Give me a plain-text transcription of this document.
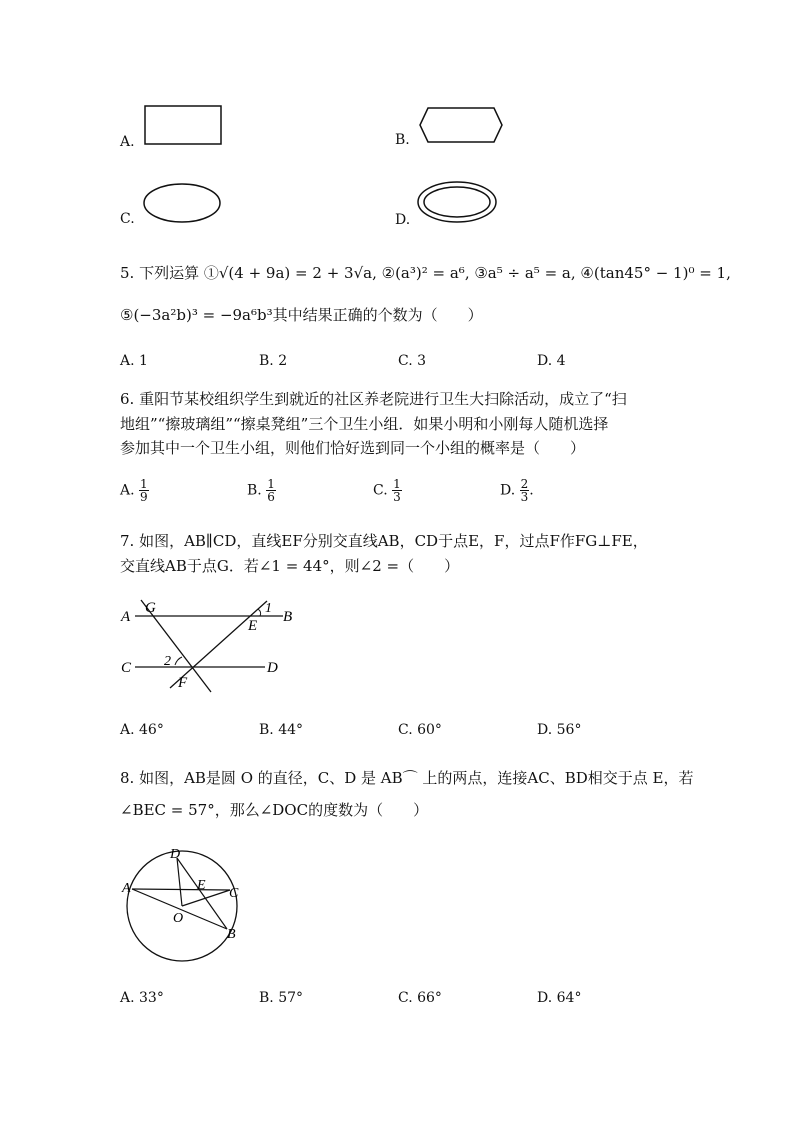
A.	B.
C.	D.
5. 下列运算 ①√(4 + 9a) = 2 + 3√a, ②(a³)² = a⁶, ③a⁵ ÷ a⁵ = a, ④(tan45° − 1)⁰ = 1,
⑤(−3a²b)³ = −9a⁶b³其中结果正确的个数为（　　）
A. 1	B. 2	C. 3	D. 4
6. 重阳节某校组织学生到就近的社区养老院进行卫生大扫除活动，成立了“扫
地组”“擦玻璃组”“擦桌凳组”三个卫生小组．如果小明和小刚每人随机选择
参加其中一个卫生小组，则他们恰好选到同一个小组的概率是（　　）
A. $\frac{1}{9}$	B. $\frac{1}{6}$	C. $\frac{1}{3}$	D. $\frac{2}{3}$ .
7. 如图，AB∥CD，直线EF分别交直线AB，CD于点E，F，过点F作FG⊥FE，
交直线AB于点G．若∠1 = 44°，则∠2 =（　　）
A
G	1
B
E
C 2	D
F
A. 46°	B. 44°	C. 60°	D. 56°
8. 如图，AB是圆 O 的直径，C、D 是 AB⌒ 上的两点，连接AC、BD相交于点 E，若
∠BEC = 57°，那么∠DOC的度数为（　　）
D
A	E
C
O
B
A. 33°	B. 57°	C. 66°	D. 64°
